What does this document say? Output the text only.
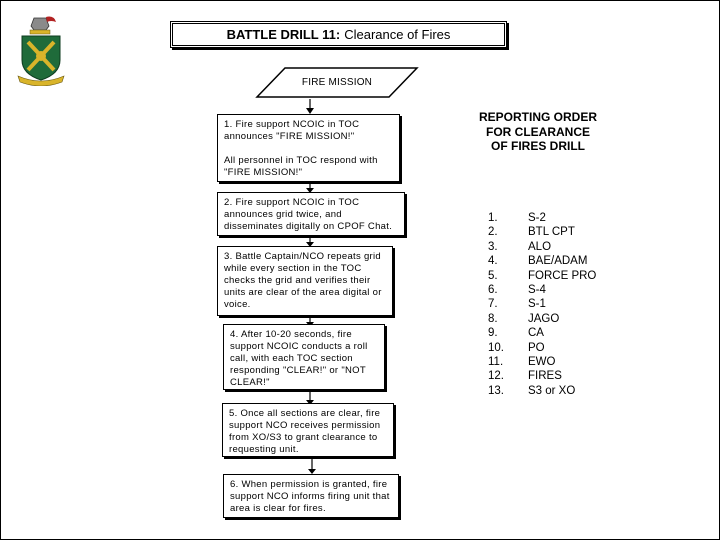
BATTLE DRILL 11: Clearance of Fires
FIRE MISSION

1. Fire support NCOIC in TOC announces "FIRE MISSION!"

All personnel in TOC respond with "FIRE MISSION!"

2. Fire support NCOIC in TOC announces grid twice, and disseminates digitally on CPOF Chat.

3. Battle Captain/NCO repeats grid while every section in the TOC checks the grid and verifies their units are clear of the area digital or voice.

4. After 10-20 seconds, fire support NCOIC conducts a roll call, with each TOC section responding "CLEAR!" or "NOT CLEAR!"

5. Once all sections are clear, fire support NCO receives permission from XO/S3 to grant clearance to requesting unit.

6. When permission is granted, fire support NCO informs firing unit that area is clear for fires.

REPORTING ORDER FOR CLEARANCE OF FIRES DRILL
1.	S-2
2.	BTL CPT
3.	ALO
4.	BAE/ADAM
5.	FORCE PRO
6.	S-4
7.	S-1
8.	JAGO
9.	CA
10.	PO
11.	EWO
12.	FIRES
13.	S3 or XO
